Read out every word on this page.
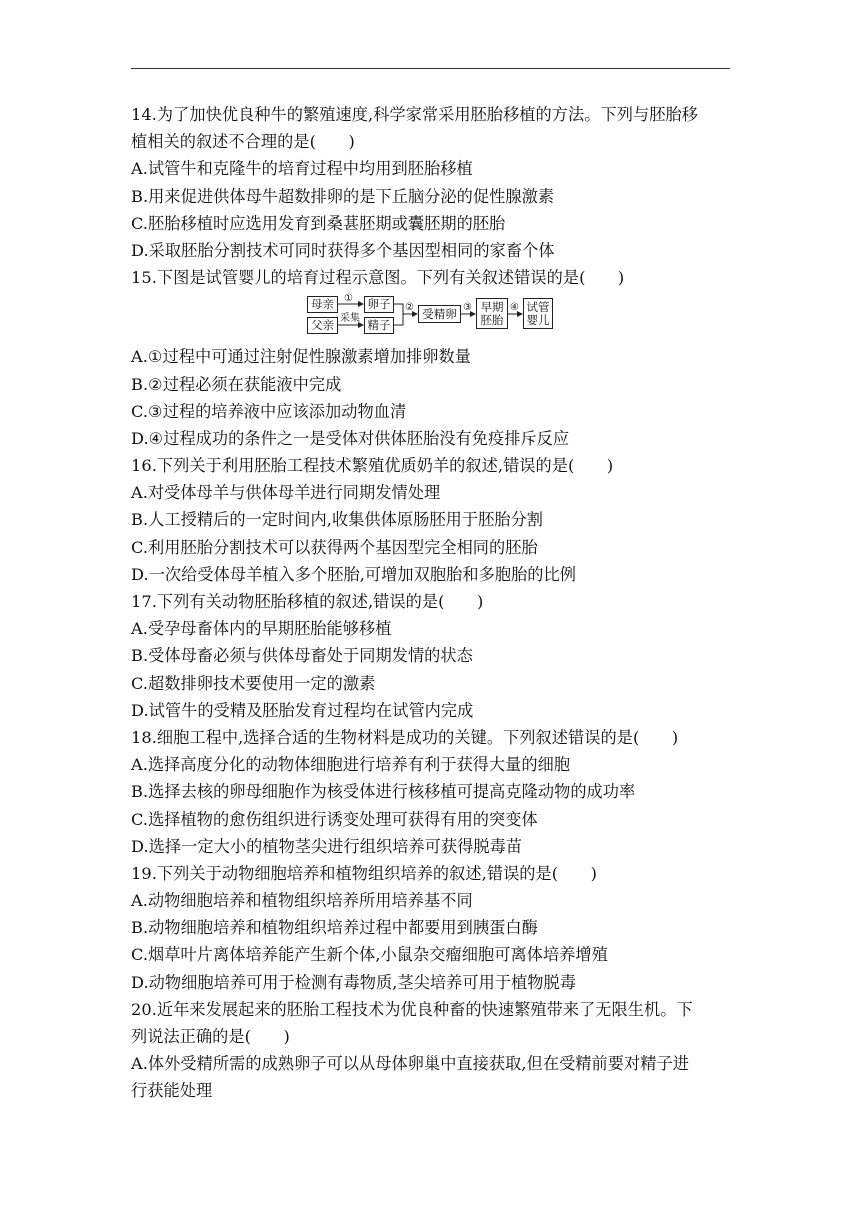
14.为了加快优良种牛的繁殖速度,科学家常采用胚胎移植的方法。下列与胚胎移
植相关的叙述不合理的是(　　)
A.试管牛和克隆牛的培育过程中均用到胚胎移植
B.用来促进供体母牛超数排卵的是下丘脑分泌的促性腺激素
C.胚胎移植时应选用发育到桑葚胚期或囊胚期的胚胎
D.采取胚胎分割技术可同时获得多个基因型相同的家畜个体
15.下图是试管婴儿的培育过程示意图。下列有关叙述错误的是(　　)
母亲
父亲
卵子
精子
受精卵	早期
胚胎
试管
婴儿
①
采集
②	③	④
A.①过程中可通过注射促性腺激素增加排卵数量
B.②过程必须在获能液中完成
C.③过程的培养液中应该添加动物血清
D.④过程成功的条件之一是受体对供体胚胎没有免疫排斥反应
16.下列关于利用胚胎工程技术繁殖优质奶羊的叙述,错误的是(　　)
A.对受体母羊与供体母羊进行同期发情处理
B.人工授精后的一定时间内,收集供体原肠胚用于胚胎分割
C.利用胚胎分割技术可以获得两个基因型完全相同的胚胎
D.一次给受体母羊植入多个胚胎,可增加双胞胎和多胞胎的比例
17.下列有关动物胚胎移植的叙述,错误的是(　　)
A.受孕母畜体内的早期胚胎能够移植
B.受体母畜必须与供体母畜处于同期发情的状态
C.超数排卵技术要使用一定的激素
D.试管牛的受精及胚胎发育过程均在试管内完成
18.细胞工程中,选择合适的生物材料是成功的关键。下列叙述错误的是(　　)
A.选择高度分化的动物体细胞进行培养有利于获得大量的细胞
B.选择去核的卵母细胞作为核受体进行核移植可提高克隆动物的成功率
C.选择植物的愈伤组织进行诱变处理可获得有用的突变体
D.选择一定大小的植物茎尖进行组织培养可获得脱毒苗
19.下列关于动物细胞培养和植物组织培养的叙述,错误的是(　　)
A.动物细胞培养和植物组织培养所用培养基不同
B.动物细胞培养和植物组织培养过程中都要用到胰蛋白酶
C.烟草叶片离体培养能产生新个体,小鼠杂交瘤细胞可离体培养增殖
D.动物细胞培养可用于检测有毒物质,茎尖培养可用于植物脱毒
20.近年来发展起来的胚胎工程技术为优良种畜的快速繁殖带来了无限生机。下
列说法正确的是(　　)
A.体外受精所需的成熟卵子可以从母体卵巢中直接获取,但在受精前要对精子进
行获能处理
